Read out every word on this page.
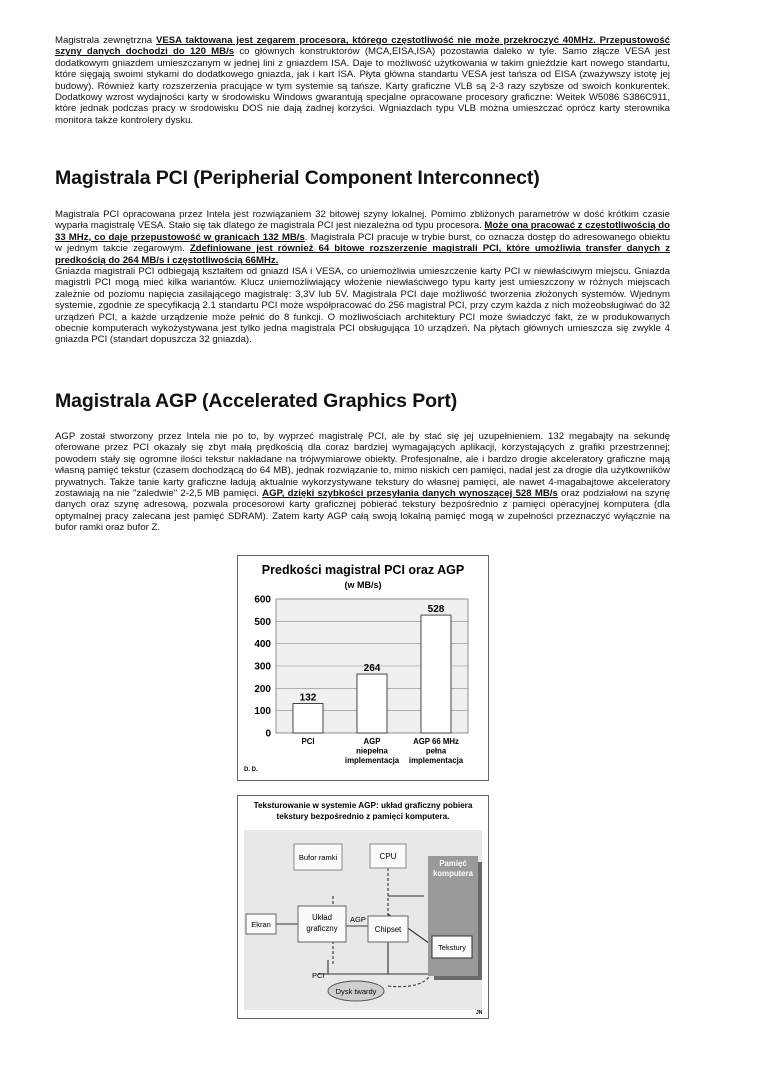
Magistrala zewnętrzna VESA taktowana jest zegarem procesora, którego częstotliwość nie może przekroczyć 40MHz. Przepustowość szyny danych dochodzi do 120 MB/s co głównych konstruktorów (MCA,EISA,ISA) pozostawia daleko w tyle. Samo złącze VESA jest dodatkowym gniazdem umieszczanym w jednej lini z gniazdem ISA. Daje to możliwość użytkowania w takim gnieździe kart nowego standartu, które sięgają swoimi stykami do dodatkowego gniazda, jak i kart ISA. Płyta główna standartu VESA jest tańsza od EISA (zważywszy istotę jej budowy). Również karty rozszerzenia pracujące w tym systemie są tańsze. Karty graficzne VLB są 2-3 razy szybsze od swoich konkurentek. Dodatkowy wzrost wydajności karty w środowisku Windows gwarantują specjalne opracowane procesory graficzne: Weitek W5086 S386C911, które jednak podczas pracy w środowisku DOS nie dają żadnej korzyści. Wgniazdach typu VLB można umieszczać oprócz karty sterownika monitora także kontrolery dysku.

Magistrala PCI (Peripherial Component Interconnect)

Magistrala PCI opracowana przez Intela jest rozwiązaniem 32 bitowej szyny lokalnej. Pomimo zbliżonych parametrów w dość krótkim czasie wyparła magistralę VESA. Stało się tak dlatego że magistrala PCI jest niezależna od typu procesora. Może ona pracować z częstotliwością do 33 MHz, co daje przepustowość w granicach 132 MB/s. Magistrala PCI pracuje w trybie burst, co oznacza dostęp do adresowanego obiektu w jednym takcie zegarowym. Zdefiniowane jest również 64 bitowe rozszerzenie magistrali PCI, które umożliwia transfer danych z predkością do 264 MB/s i częstotliwością 66MHz.
Gniazda magistrali PCI odbiegają kształtem od gniazd ISA i VESA, co uniemożliwia umieszczenie karty PCI w niewłaściwym miejscu. Gniazda magistrli PCI mogą mieć kilka wariantów. Klucz uniemożliwiający włożenie niewłaściwego typu karty jest umieszczony w różnych miejscach zależnie od poziomu napięcia zasilającego magistralę: 3,3V lub 5V. Magistrala PCI daje możliwość tworzenia złożonych systemów. Wjednym systemie, zgodnie ze specyfikacją 2.1 standartu PCI może współpracować do 256 magistral PCI, przy czym każda z nich możeobsługiwać do 32 urządzeń PCI, a każde urządzenie może pełnić do 8 funkcji. O możliwościach architektury PCI może świadczyć fakt, że w produkowanych obecnie komputerach wykożystywana jest tylko jedna magistrala PCI obsługująca 10 urządzeń. Na płytach głównych umieszcza się zwykle 4 gniazda PCI (standart dopuszcza 32 gniazda).

Magistrala AGP (Accelerated Graphics Port)

AGP został stworzony przez Intela nie po to, by wyprzeć magistralę PCI, ale by stać się jej uzupełnieniem. 132 megabajty na sekundę oferowane przez PCI okazały się zbyt małą prędkością dla coraz bardziej wymagających aplikacji, korzystających z grafiki przestrzennej; powodem stały się ogromne ilości tekstur nakładane na trójwymiarowe obiekty. Profesjonalne, ale i bardzo drogie akceleratory graficzne mają własną pamięć tekstur (czasem dochodzącą do 64 MB), jednak rozwiązanie to, mimo niskich cen pamięci, nadal jest za drogie dla użytkowników prywatnych. Także tanie karty graficzne ładują aktualnie wykorzystywane tekstury do własnej pamięci, ale nawet 4-magabajtowe akceleratory zostawiają na nie "zaledwie" 2-2,5 MB pamięci. AGP, dzięki szybkości przesyłania danych wynoszącej 528 MB/s oraz podziałowi na szynę danych oraz szynę adresową, pozwala procesorowi karty graficznej pobierać tekstury bezpośrednio z pamięci operacyjnej komputera (dla optymalnej pracy zalecana jest pamięć SDRAM). Zatem karty AGP całą swoją lokalną pamięć mogą w zupełności przeznaczyć wyłącznie na bufor ramki oraz bufor Z.

Predkości magistral PCI oraz AGP
(w MB/s)
0
100
200
300
400
500
600
132
PCI
264
AGP
niepełna
implementacja
528
AGP 66 MHz
pełna
implementacja
D. D.
Teksturowanie w systemie AGP: układ graficzny pobiera
tekstury bezpośrednio z pamięci komputera.
Bufor ramki	CPU
Pamięć
komputera
Ekran
Układ
graficzny
AGP
Chipset
Tekstury
PCI
Dysk twardy
JN
